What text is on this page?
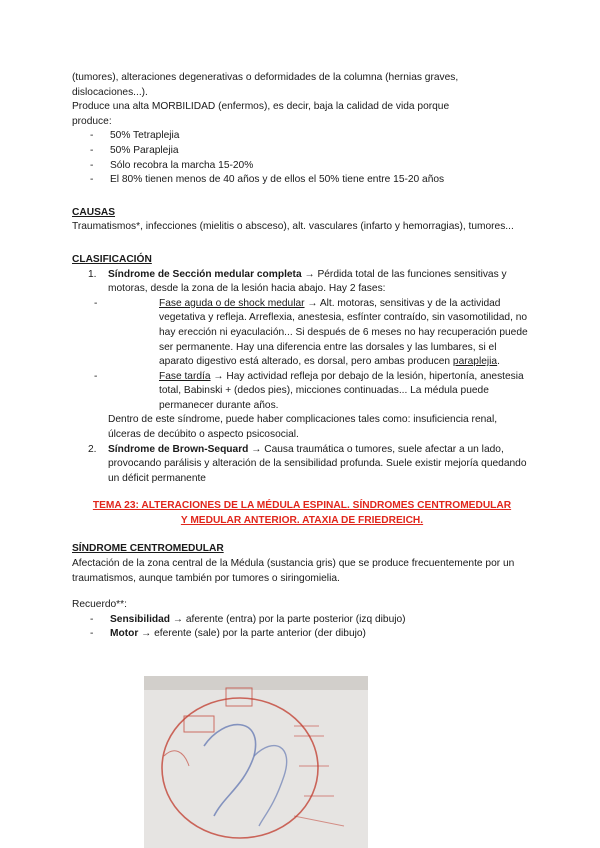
(tumores), alteraciones degenerativas o deformidades de la columna (hernias graves,

dislocaciones...).

Produce una alta MORBILIDAD (enfermos), es decir, baja la calidad de vida porque

produce:

- 50% Tetraplejia
- 50% Paraplejia
- Sólo recobra la marcha 15-20%
- El 80% tienen menos de 40 años y de ellos el 50% tiene entre 15-20 años

CAUSAS

Traumatismos*, infecciones (mielitis o absceso), alt. vasculares (infarto y hemorragias), tumores...

CLASIFICACIÓN

1. Síndrome de Sección medular completa → Pérdida total de las funciones sensitivas y motoras, desde la zona de la lesión hacia abajo. Hay 2 fases:

- Fase aguda o de shock medular → Alt. motoras, sensitivas y de la actividad vegetativa y refleja. Arreflexia, anestesia, esfínter contraído, sin vasomotilidad, no hay erección ni eyaculación... Si después de 6 meses no hay recuperación puede ser permanente. Hay una diferencia entre las dorsales y las lumbares, si el aparato digestivo está alterado, es dorsal, pero ambas producen paraplejia.
- Fase tardía → Hay actividad refleja por debajo de la lesión, hipertonía, anestesia total, Babinski + (dedos pies), micciones continuadas... La médula puede permanecer durante años.

Dentro de este síndrome, puede haber complicaciones tales como: insuficiencia renal, úlceras de decúbito o aspecto psicosocial.

2. Síndrome de Brown-Sequard → Causa traumática o tumores, suele afectar a un lado, provocando parálisis y alteración de la sensibilidad profunda. Suele existir mejoría quedando un déficit permanente

TEMA 23: ALTERACIONES DE LA MÉDULA ESPINAL. SÍNDROMES CENTROMEDULAR Y MEDULAR ANTERIOR. ATAXIA DE FRIEDREICH.

SÍNDROME CENTROMEDULAR

Afectación de la zona central de la Médula (sustancia gris) que se produce frecuentemente por un traumatismos, aunque también por tumores o siringomielia.

Recuerdo**:

- Sensibilidad → aferente (entra) por la parte posterior (izq dibujo)
- Motor → eferente (sale) por la parte anterior (der dibujo)
